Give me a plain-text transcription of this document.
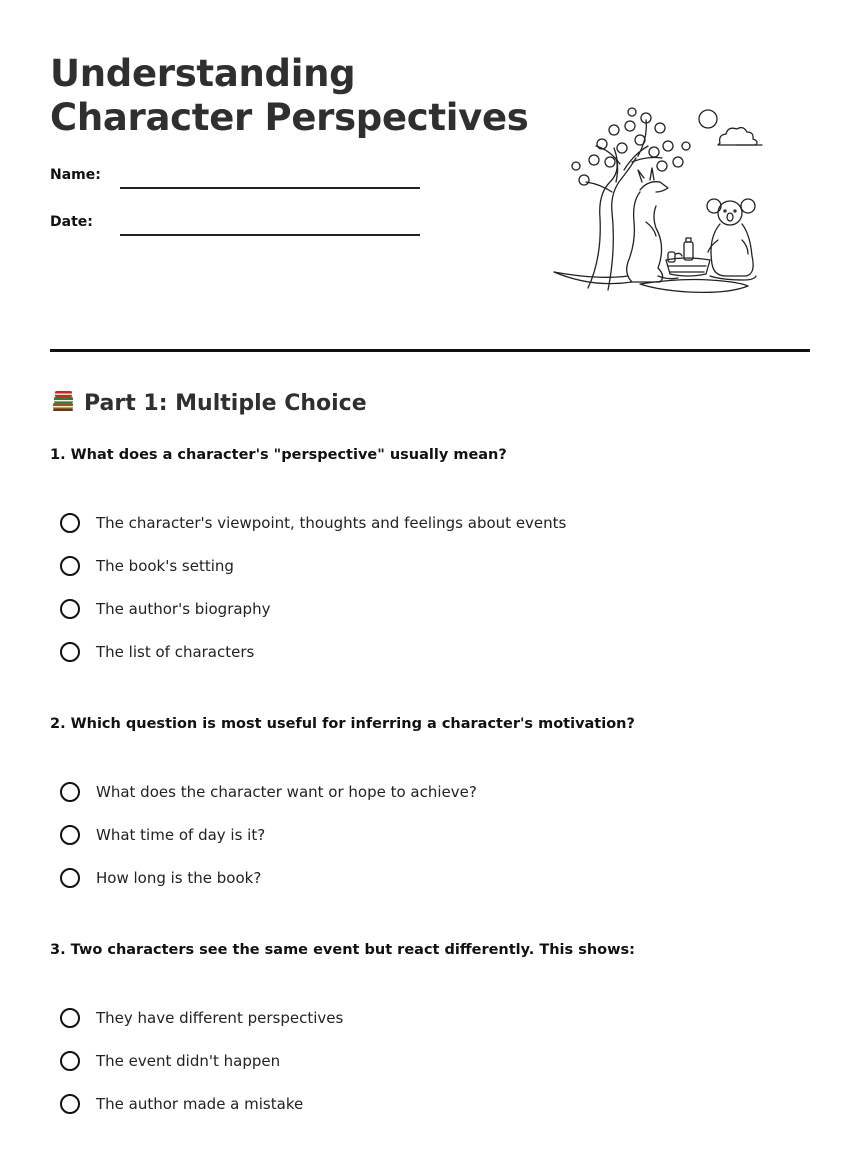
Understanding
Character Perspectives
Name:
Date:
Part 1: Multiple Choice
1. What does a character's "perspective" usually mean?
The character's viewpoint, thoughts and feelings about events
The book's setting
The author's biography
The list of characters
2. Which question is most useful for inferring a character's motivation?
What does the character want or hope to achieve?
What time of day is it?
How long is the book?
3. Two characters see the same event but react differently. This shows:
They have different perspectives
The event didn't happen
The author made a mistake
